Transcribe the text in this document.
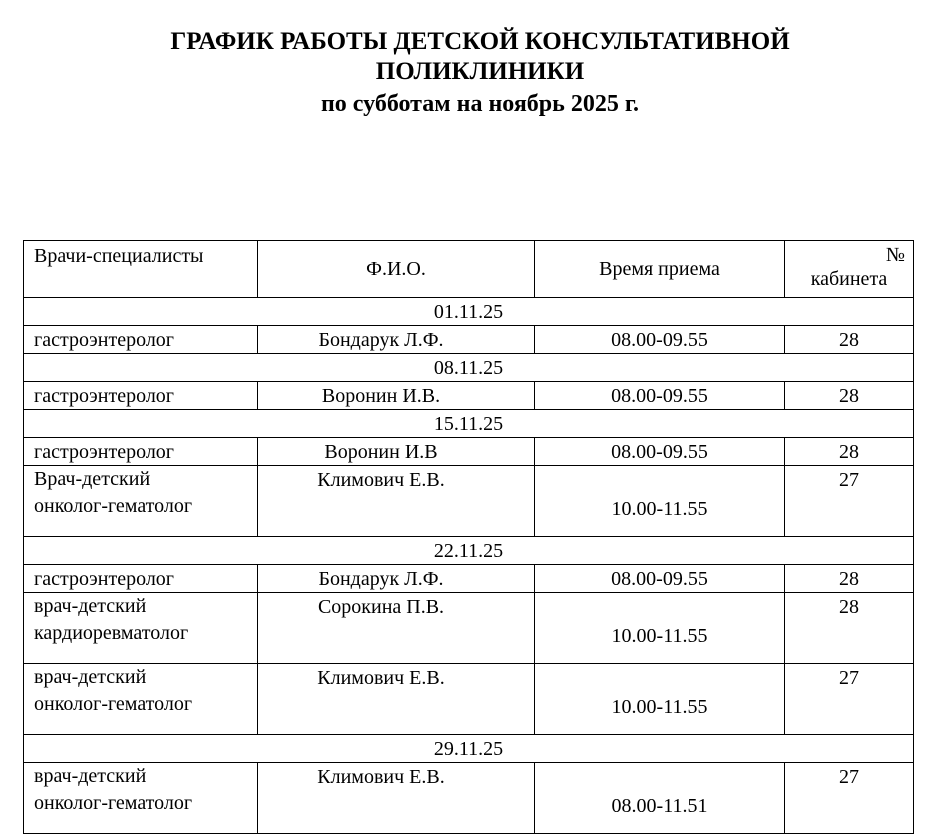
ГРАФИК РАБОТЫ ДЕТСКОЙ КОНСУЛЬТАТИВНОЙ
ПОЛИКЛИНИКИ
по субботам на ноябрь 2025 г.
Врачи-специалисты	Ф.И.О.	Время приема	№
кабинета

01.11.25			

гастроэнтеролог	Бондарук Л.Ф.	08.00-09.55	28
08.11.25			

гастроэнтеролог	Воронин И.В.	08.00-09.55	28
15.11.25			

гастроэнтеролог	Воронин И.В	08.00-09.55	28

Врач-детский
онколог-гематолог	Климович Е.В.	10.00-11.55	27
22.11.25			

гастроэнтеролог	Бондарук Л.Ф.	08.00-09.55	28

врач-детский
кардиоревматолог	Сорокина П.В.	10.00-11.55	28

врач-детский
онколог-гематолог	Климович Е.В.	10.00-11.55	27
29.11.25			

врач-детский
онколог-гематолог	Климович Е.В.	08.00-11.51	27
